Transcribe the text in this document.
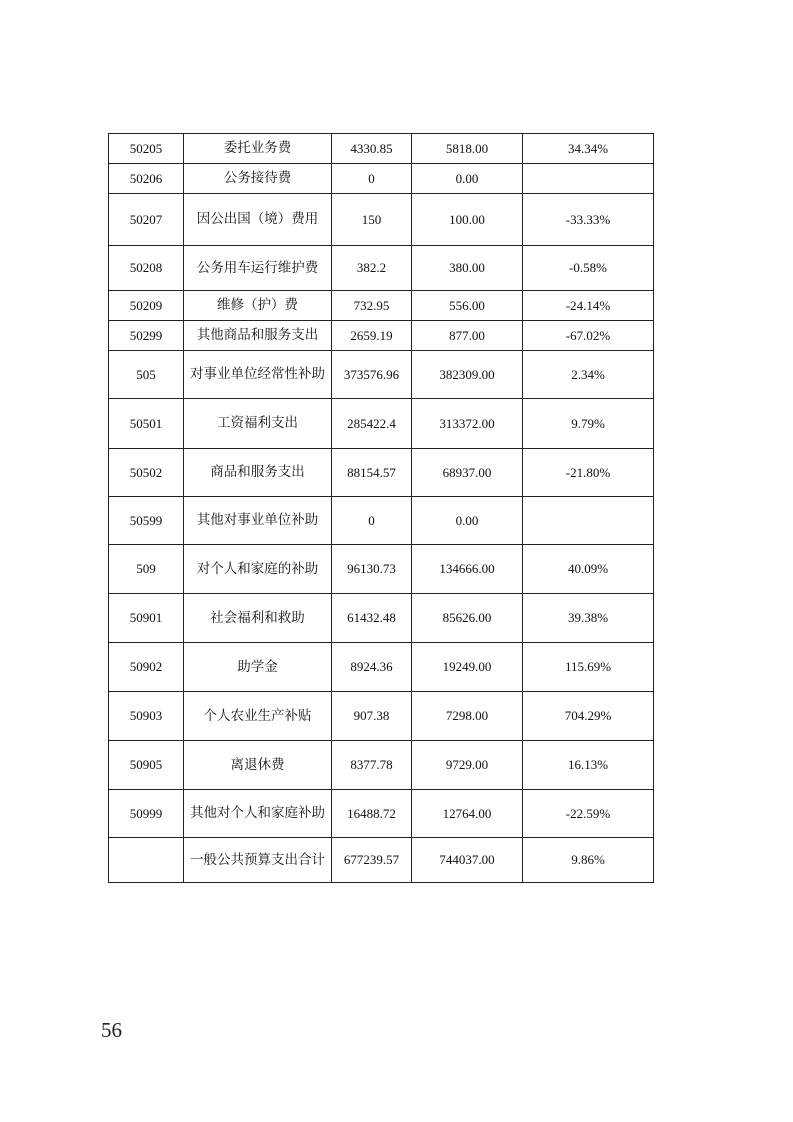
50205	委托业务费	4330.85	5818.00	34.34%
50206	公务接待费	0	0.00	
50207	因公出国（境）费用	150	100.00	-33.33%
50208	公务用车运行维护费	382.2	380.00	-0.58%
50209	维修（护）费	732.95	556.00	-24.14%
50299	其他商品和服务支出	2659.19	877.00	-67.02%
505	对事业单位经常性补助	373576.96	382309.00	2.34%
50501	工资福利支出	285422.4	313372.00	9.79%
50502	商品和服务支出	88154.57	68937.00	-21.80%
50599	其他对事业单位补助	0	0.00	
509	对个人和家庭的补助	96130.73	134666.00	40.09%
50901	社会福利和救助	61432.48	85626.00	39.38%
50902	助学金	8924.36	19249.00	115.69%
50903	个人农业生产补贴	907.38	7298.00	704.29%
50905	离退休费	8377.78	9729.00	16.13%
50999	其他对个人和家庭补助	16488.72	12764.00	-22.59%
	一般公共预算支出合计	677239.57	744037.00	9.86%
56
